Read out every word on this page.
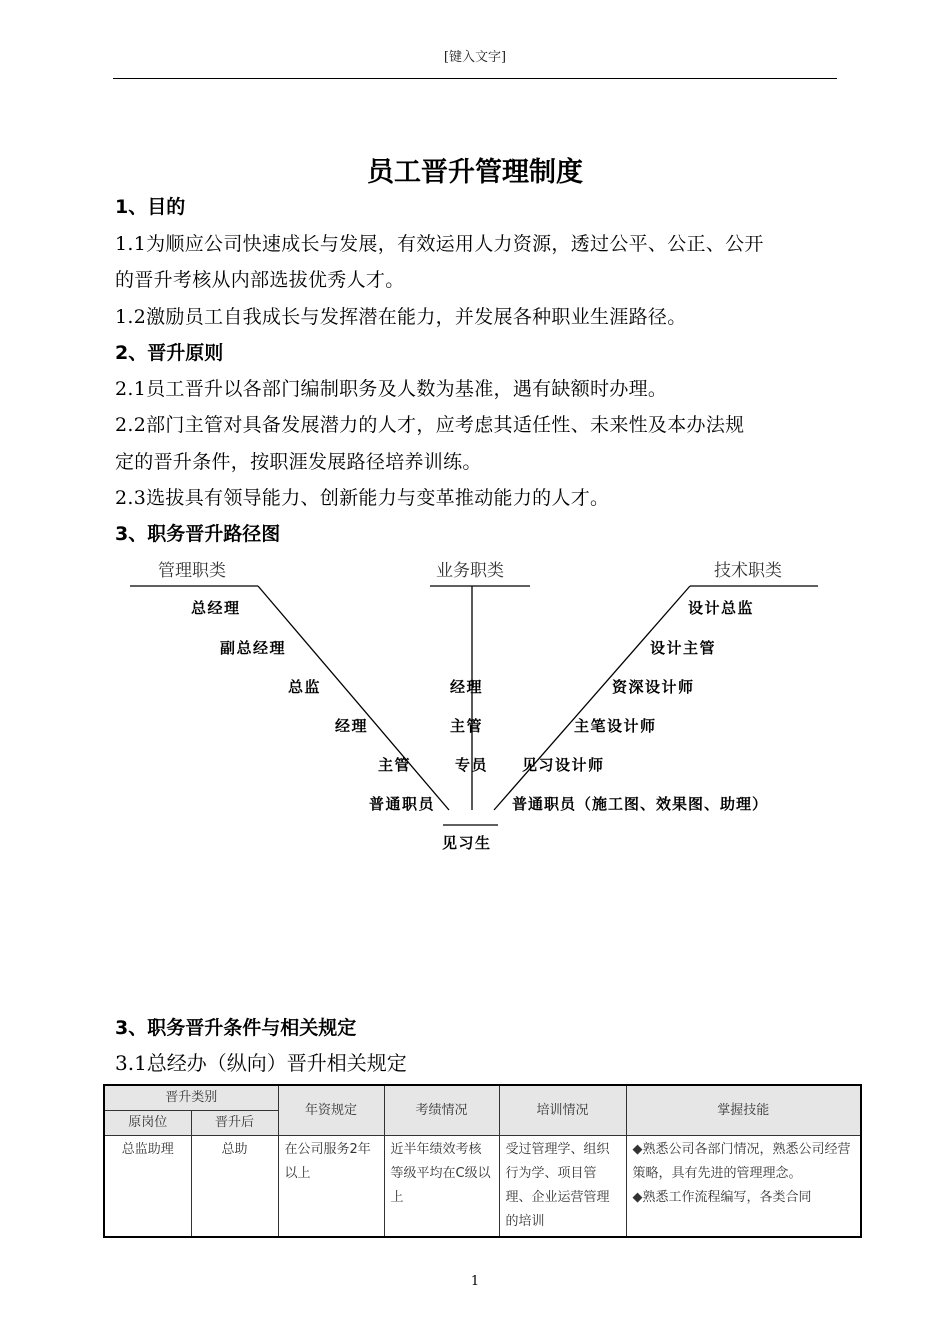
[键入文字]
员工晋升管理制度
1、目的
1.1为顺应公司快速成长与发展，有效运用人力资源，透过公平、公正、公开
的晋升考核从内部选拔优秀人才。
1.2激励员工自我成长与发挥潜在能力，并发展各种职业生涯路径。
2、晋升原则
2.1员工晋升以各部门编制职务及人数为基准，遇有缺额时办理。
2.2部门主管对具备发展潜力的人才，应考虑其适任性、未来性及本办法规
定的晋升条件，按职涯发展路径培养训练。
2.3选拔具有领导能力、创新能力与变革推动能力的人才。
3、职务晋升路径图
管理职类	业务职类	技术职类
总经理
副总经理
总监
经理
主管
普通职员
经理
主管
专员
设计总监
设计主管
资深设计师
主笔设计师
见习设计师
普通职员（施工图、效果图、助理）
见习生
3、职务晋升条件与相关规定
3.1总经办（纵向）晋升相关规定
晋升类别		年资规定	考绩情况	培训情况	掌握技能
原岗位	晋升后				
总监助理	总助	在公司服务2年以上	近半年绩效考核等级平均在C级以上	受过管理学、组织行为学、项目管理、企业运营管理的培训	◆熟悉公司各部门情况，熟悉公司经营策略，具有先进的管理理念。
◆熟悉工作流程编写，各类合同
1
